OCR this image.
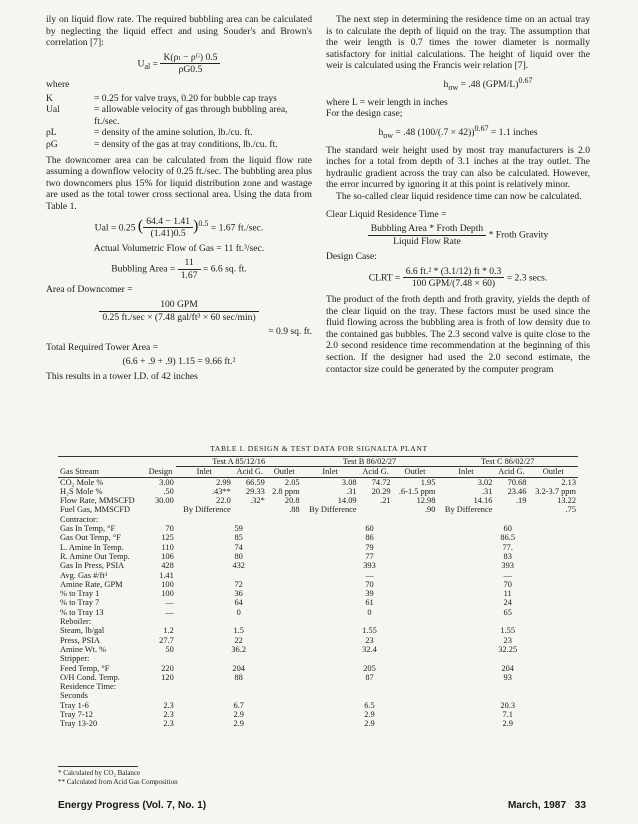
ily on liquid flow rate. The required bubbling area can be calculated by neglecting the liquid effect and using Souder's and Brown's correlation [7]:

$U_{al} = \frac{\text{K(ρₗ − ρᴳ) 0.5}}{\rho G0.5}$

where

K	= 0.25 for valve trays, 0.20 for bubble cap trays
Ual	= allowable velocity of gas through bubbling area, ft./sec.
ρL	= density of the amine solution, lb./cu. ft.
ρG	= density of the gas at tray conditions, lb./cu. ft.

The downcomer area can be calculated from the liquid flow rate assuming a downflow velocity of 0.25 ft./sec. The bubbling area plus two downcomers plus 15% for liquid distribution zone and wastage are used as the total tower cross sectional area. Using the data from Table 1.

Ual = 0.25 ( $\frac{64.4 - 1.41}{(1.41)0.5} )^{0.5} = 1.67$ ft./sec.
Actual Volumetric Flow of Gas = 11 ft.³/sec.
Bubbling Area = $\frac{11}{1.67} = 6.6$ sq. ft.

Area of Downcomer =

$\frac{\text{100 GPM}}{\text{0.25 ft./sec × (7.48 gal/ft³ × 60 sec/min)}}$
= 0.9 sq. ft.

Total Required Tower Area =

(6.6 + .9 + .9) 1.15 = 9.66 ft.²

This results in a tower I.D. of 42 inches

The next step in determining the residence time on an actual tray is to calculate the depth of liquid on the tray. The assumption that the weir length is 0.7 times the tower diameter is normally satisfactory for initial calculations. The height of liquid over the weir is calculated using the Francis weir relation [7].

$h_{ow} = .48$ $(GPM/L)^{0.67}$

where L = weir length in inches

For the design case;

$h_{ow} = .48$ $(100/(.7 \times 42))^{0.67} = 1.1$ inches

The standard weir height used by most tray manufacturers is 2.0 inches for a total from depth of 3.1 inches at the tray outlet. The hydraulic gradient across the tray can also be calculated. However, the error incurred by ignoring it at this point is relatively minor.

The so-called clear liquid residence time can now be calculated.

Clear Liquid Residence Time =

$\frac{\text{Bubbling Area * Froth Depth}}{\text{Liquid Flow Rate}}$ * Froth Gravity

Design Case:

CLRT = $\frac{\text{6.6 ft.² * (3.1/12) ft * 0.3}}{\text{100 GPM/(7.48 × 60)}} = 2.3$ secs.

The product of the froth depth and froth gravity, yields the depth of the clear liquid on the tray. These factors must be used since the fluid flowing across the bubbling area is froth of low density due to the contained gas bubbles. The 2.3 second valve is quite close to the 2.0 second residence time recommendation at the beginning of this section. If the designer had used the 2.0 second estimate, the contactor size could be generated by the computer program

TABLE I. DESIGN & TEST DATA FOR SIGNALTA PLANT
		Test A 85/12/16			Test B 86/02/27			Test C 86/02/27		
Gas Stream	Design	Inlet	Acid G.	Outlet	Inlet	Acid G.	Outlet	Inlet	Acid G.	Outlet
CO₂ Mole %	3.00	2.99	66.59	2.05	3.08	74.72	1.95	3.02	70.68	2.13
H₂S Mole %	.50	.43**	29.33	2.8 ppm	.31	20.29	.6-1.5 ppm	.31	23.46	3.2-3.7 ppm
Flow Rate, MMSCFD	30.00	22.0	.32*	20.8	14.09	.21	12.98	14.16	.19	13.22
Fuel Gas, MMSCFD		By Difference		.88	By Difference		.90	By Difference		.75
Contractor:										
Gas In Temp, °F	70	59			60			60		
Gas Out Temp, °F	125	85			86			86.5		
L. Amine In Temp.	110	74			79			77.		
R. Amine Out Temp.	106	80			77			83		
Gas In Press, PSIA	428	432			393			393		
Avg. Gas #/ft³	1.41				—			—		
Amine Rate, GPM	100	72			70			70		
% to Tray 1	100	36			39			11		
% to Tray 7	—	64			61			24		
% to Tray 13	—	0			0			65		
Reboiler:										
Steam, lb/gal	1.2	1.5			1.55			1.55		
Press, PSIA	27.7	22			23			23		
Amine Wt. %	50	36.2			32.4			32.25		
Stripper:										
Feed Temp, °F	220	204			205			204		
O/H Cond. Temp.	120	88			87			93		
Residence Time:										
Seconds										
Tray 1-6	2.3	6.7			6.5			20.3		
Tray 7-12	2.3	2.9			2.9			7.1		
Tray 13-20	2.3	2.9			2.9			2.9		
* Calculated by CO₂ Balance
** Calculated from Acid Gas Composition
Energy Progress (Vol. 7, No. 1)	March, 1987 33
